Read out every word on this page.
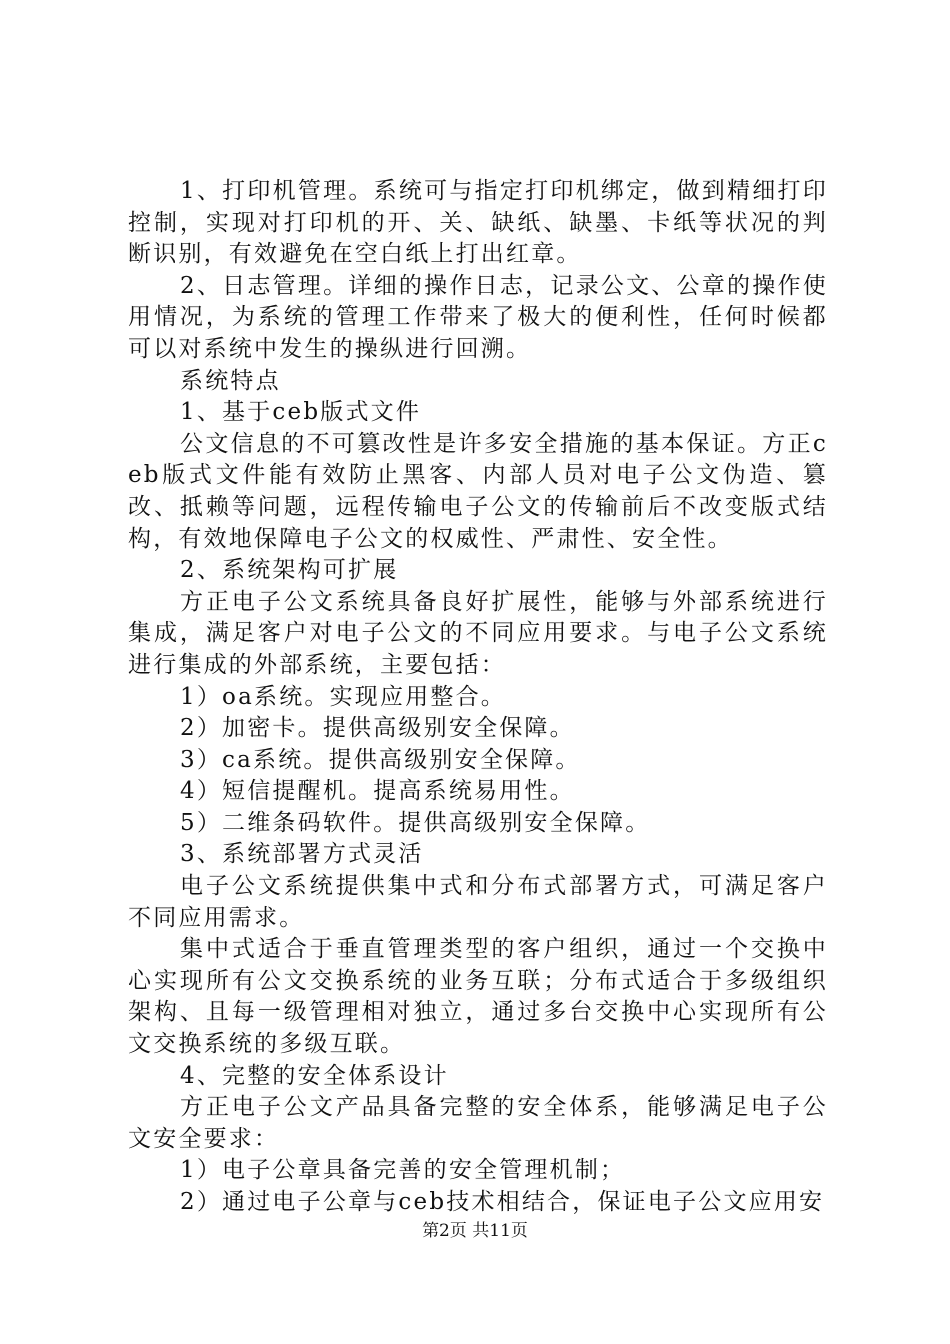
1、打印机管理。系统可与指定打印机绑定，做到精细打印控制，实现对打印机的开、关、缺纸、缺墨、卡纸等状况的判断识别，有效避免在空白纸上打出红章。

2、日志管理。详细的操作日志，记录公文、公章的操作使用情况，为系统的管理工作带来了极大的便利性，任何时候都可以对系统中发生的操纵进行回溯。

系统特点

1、基于ceb版式文件

公文信息的不可篡改性是许多安全措施的基本保证。方正ceb版式文件能有效防止黑客、内部人员对电子公文伪造、篡改、抵赖等问题，远程传输电子公文的传输前后不改变版式结构，有效地保障电子公文的权威性、严肃性、安全性。

2、系统架构可扩展

方正电子公文系统具备良好扩展性，能够与外部系统进行集成，满足客户对电子公文的不同应用要求。与电子公文系统进行集成的外部系统，主要包括：

1）oa系统。实现应用整合。

2）加密卡。提供高级别安全保障。

3）ca系统。提供高级别安全保障。

4）短信提醒机。提高系统易用性。

5）二维条码软件。提供高级别安全保障。

3、系统部署方式灵活

电子公文系统提供集中式和分布式部署方式，可满足客户不同应用需求。

集中式适合于垂直管理类型的客户组织，通过一个交换中心实现所有公文交换系统的业务互联；分布式适合于多级组织架构、且每一级管理相对独立，通过多台交换中心实现所有公文交换系统的多级互联。

4、完整的安全体系设计

方正电子公文产品具备完整的安全体系，能够满足电子公文安全要求：

1）电子公章具备完善的安全管理机制；

2）通过电子公章与ceb技术相结合，保证电子公文应用安

第2页 共11页
